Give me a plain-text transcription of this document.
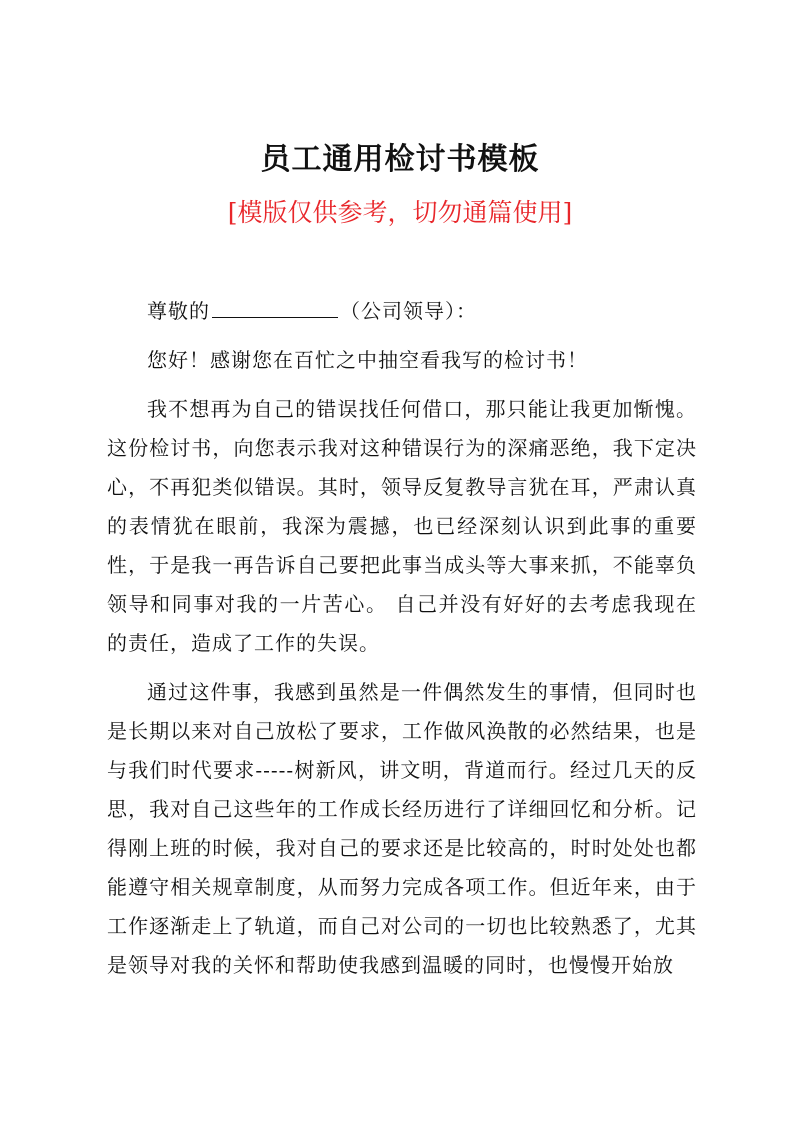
员工通用检讨书模板

[模版仅供参考，切勿通篇使用]

尊敬的	（公司领导）：

您好！感谢您在百忙之中抽空看我写的检讨书！

我不想再为自己的错误找任何借口，那只能让我更加惭愧。这份检讨书，向您表示我对这种错误行为的深痛恶绝，我下定决心，不再犯类似错误。其时，领导反复教导言犹在耳，严肃认真的表情犹在眼前，我深为震撼，也已经深刻认识到此事的重要性，于是我一再告诉自己要把此事当成头等大事来抓，不能辜负领导和同事对我的一片苦心。 自己并没有好好的去考虑我现在的责任，造成了工作的失误。

通过这件事，我感到虽然是一件偶然发生的事情，但同时也是长期以来对自己放松了要求，工作做风涣散的必然结果，也是与我们时代要求-----树新风，讲文明，背道而行。经过几天的反思，我对自己这些年的工作成长经历进行了详细回忆和分析。记得刚上班的时候，我对自己的要求还是比较高的，时时处处也都能遵守相关规章制度，从而努力完成各项工作。但近年来，由于工作逐渐走上了轨道，而自己对公司的一切也比较熟悉了，尤其是领导对我的关怀和帮助使我感到温暖的同时，也慢慢开始放
